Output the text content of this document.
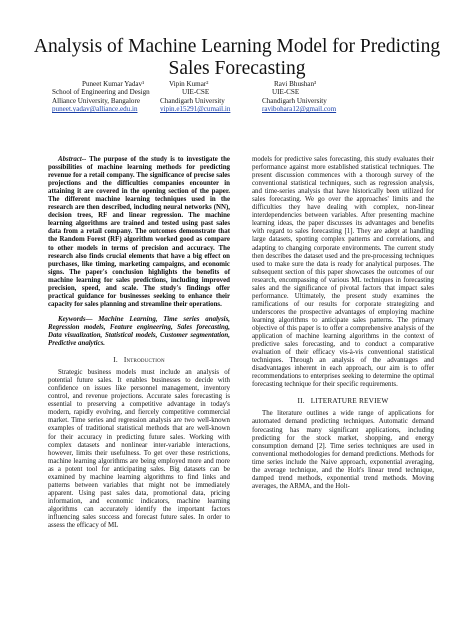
Analysis of Machine Learning Model for Predicting Sales Forecasting
Puneet Kumar Yadav¹
School of Engineering and Design
Alliance University, Bangalore
puneet.yadav@alliance.edu.in
Vipin Kumar²
UIE-CSE
Chandigarh University
vipin.e15291@cumail.in
Ravi Bhushan³
UIE-CSE
Chandigarh University
ravibohara12@gmail.com

Abstract-- The purpose of the study is to investigate the possibilities of machine learning methods for predicting revenue for a retail company. The significance of precise sales projections and the difficulties companies encounter in attaining it are covered in the opening section of the paper. The different machine learning techniques used in the research are then described, including neural networks (NN), decision trees, RF and linear regression. The machine learning algorithms are trained and tested using past sales data from a retail company. The outcomes demonstrate that the Random Forest (RF) algorithm worked good as compare to other models in terms of precision and accuracy. The research also finds crucial elements that have a big effect on purchases, like timing, marketing campaigns, and economic signs. The paper's conclusion highlights the benefits of machine learning for sales predictions, including improved precision, speed, and scale. The study's findings offer practical guidance for businesses seeking to enhance their capacity for sales planning and streamline their operations.

Keywords— Machine Learning, Time series analysis, Regression models, Feature engineering, Sales forecasting, Data visualization, Statistical models, Customer segmentation, Predictive analytics.

I. Introduction

Strategic business models must include an analysis of potential future sales. It enables businesses to decide with confidence on issues like personnel management, inventory control, and revenue projections. Accurate sales forecasting is essential to preserving a competitive advantage in today's modern, rapidly evolving, and fiercely competitive commercial market. Time series and regression analysis are two well-known examples of traditional statistical methods that are well-known for their accuracy in predicting future sales. Working with complex datasets and nonlinear inter-variable interactions, however, limits their usefulness. To get over these restrictions, machine learning algorithms are being employed more and more as a potent tool for anticipating sales. Big datasets can be examined by machine learning algorithms to find links and patterns between variables that might not be immediately apparent. Using past sales data, promotional data, pricing information, and economic indicators, machine learning algorithms can accurately identify the important factors influencing sales success and forecast future sales. In order to assess the efficacy of ML

models for predictive sales forecasting, this study evaluates their performance against more established statistical techniques. The present discussion commences with a thorough survey of the conventional statistical techniques, such as regression analysis, and time-series analysis that have historically been utilized for sales forecasting. We go over the approaches' limits and the difficulties they have dealing with complex, non-linear interdependencies between variables. After presenting machine learning ideas, the paper discusses its advantages and benefits with regard to sales forecasting [1]. They are adept at handling large datasets, spotting complex patterns and correlations, and adapting to changing corporate environments. The current study then describes the dataset used and the pre-processing techniques used to make sure the data is ready for analytical purposes. The subsequent section of this paper showcases the outcomes of our research, encompassing of various ML techniques in forecasting sales and the significance of pivotal factors that impact sales performance. Ultimately, the present study examines the ramifications of our results for corporate strategizing and underscores the prospective advantages of employing machine learning algorithms to anticipate sales patterns. The primary objective of this paper is to offer a comprehensive analysis of the application of machine learning algorithms in the context of predictive sales forecasting, and to conduct a comparative evaluation of their efficacy vis-à-vis conventional statistical techniques. Through an analysis of the advantages and disadvantages inherent in each approach, our aim is to offer recommendations to enterprises seeking to determine the optimal forecasting technique for their specific requirements.

II. LITERATURE REVIEW

The literature outlines a wide range of applications for automated demand predicting techniques. Automatic demand forecasting has many significant applications, including predicting for the stock market, shopping, and energy consumption demand [2]. Time series techniques are used in conventional methodologies for demand predictions. Methods for time series include the Naive approach, exponential averaging, the average technique, and the Holt's linear trend technique, damped trend methods, exponential trend methods. Moving averages, the ARMA, and the Holt-
